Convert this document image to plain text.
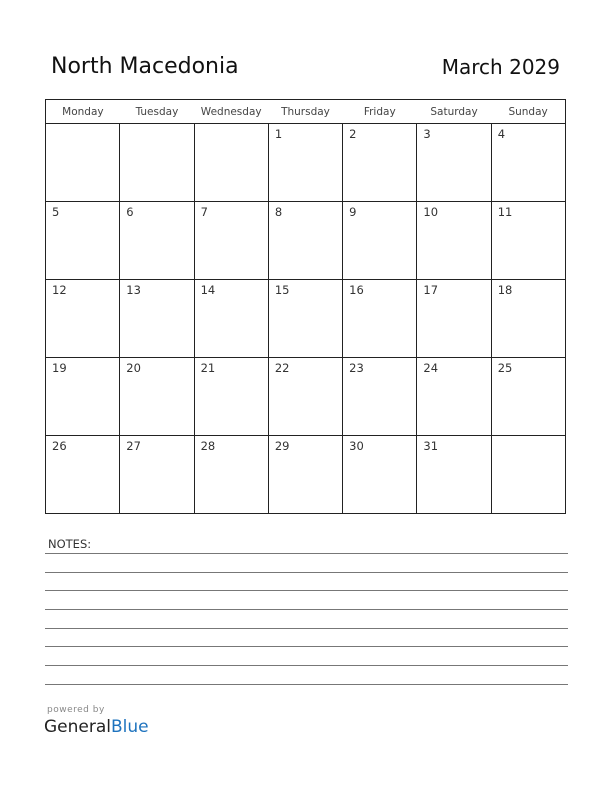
North Macedonia	March 2029
Monday	Tuesday	Wednesday	Thursday	Friday	Saturday	Sunday
			1	2	3	4
5	6	7	8	9	10	11
12	13	14	15	16	17	18
19	20	21	22	23	24	25
26	27	28	29	30	31	
NOTES:
powered by
GeneralBlue
